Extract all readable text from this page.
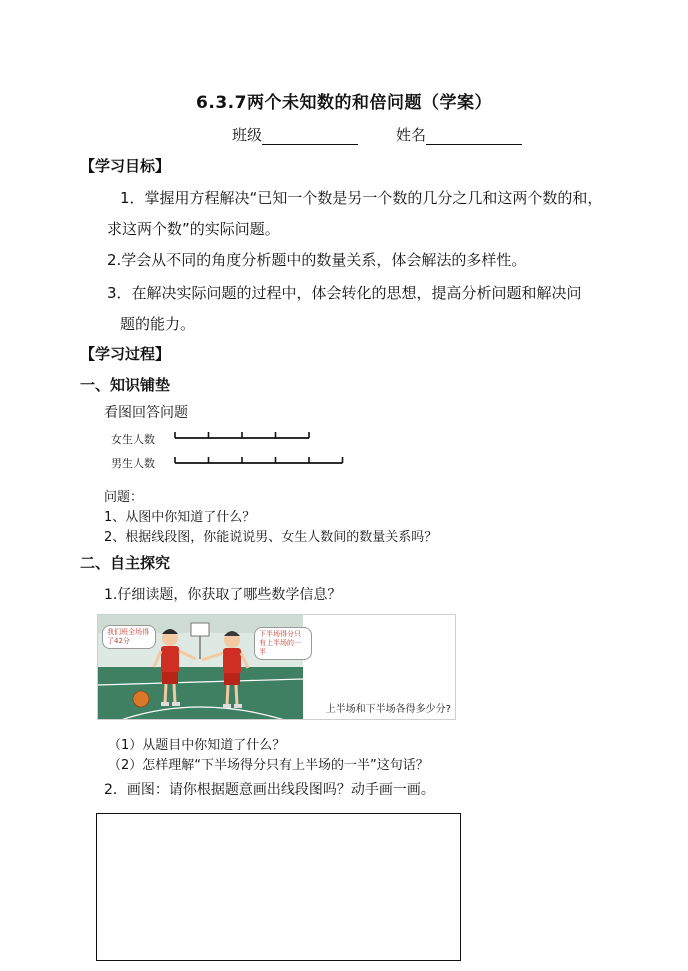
6.3.7两个未知数的和倍问题（学案）
班级	姓名
【学习目标】
1．掌握用方程解决“已知一个数是另一个数的几分之几和这两个数的和，
求这两个数”的实际问题。
2.学会从不同的角度分析题中的数量关系，体会解法的多样性。
3．在解决实际问题的过程中，体会转化的思想，提高分析问题和解决问
题的能力。
【学习过程】
一、知识铺垫
看图回答问题
女生人数
男生人数
问题：
1、从图中你知道了什么？
2、根据线段图，你能说说男、女生人数间的数量关系吗？
二、自主探究
1.仔细读题，你获取了哪些数学信息？
我们班全场得了42分
下半场得分只有上半场的一半
上半场和下半场各得多少分?
（1）从题目中你知道了什么？
（2）怎样理解“下半场得分只有上半场的一半”这句话？
2．画图：请你根据题意画出线段图吗？动手画一画。
